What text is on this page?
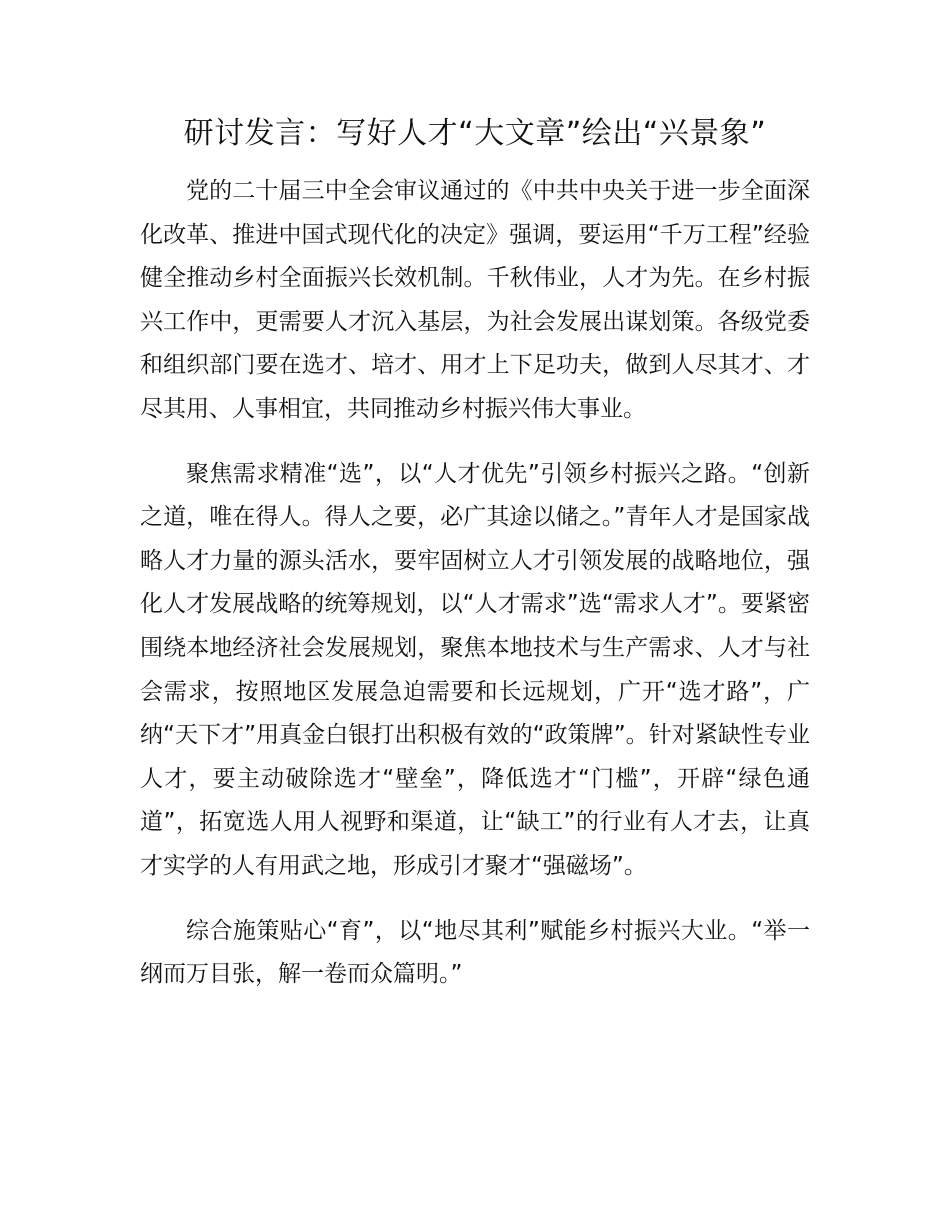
研讨发言：写好人才“大文章”绘出“兴景象”

党的二十届三中全会审议通过的《中共中央关于进一步全面深化改革、推进中国式现代化的决定》强调，要运用“千万工程”经验健全推动乡村全面振兴长效机制。千秋伟业，人才为先。在乡村振兴工作中，更需要人才沉入基层，为社会发展出谋划策。各级党委和组织部门要在选才、培才、用才上下足功夫，做到人尽其才、才尽其用、人事相宜，共同推动乡村振兴伟大事业。

聚焦需求精准“选”，以“人才优先”引领乡村振兴之路。“创新之道，唯在得人。得人之要，必广其途以储之。”青年人才是国家战略人才力量的源头活水，要牢固树立人才引领发展的战略地位，强化人才发展战略的统筹规划，以“人才需求”选“需求人才”。要紧密围绕本地经济社会发展规划，聚焦本地技术与生产需求、人才与社会需求，按照地区发展急迫需要和长远规划，广开“选才路”，广纳“天下才”用真金白银打出积极有效的“政策牌”。针对紧缺性专业人才，要主动破除选才“壁垒”，降低选才“门槛”，开辟“绿色通道”，拓宽选人用人视野和渠道，让“缺工”的行业有人才去，让真才实学的人有用武之地，形成引才聚才“强磁场”。

综合施策贴心“育”，以“地尽其利”赋能乡村振兴大业。“举一纲而万目张，解一卷而众篇明。”
